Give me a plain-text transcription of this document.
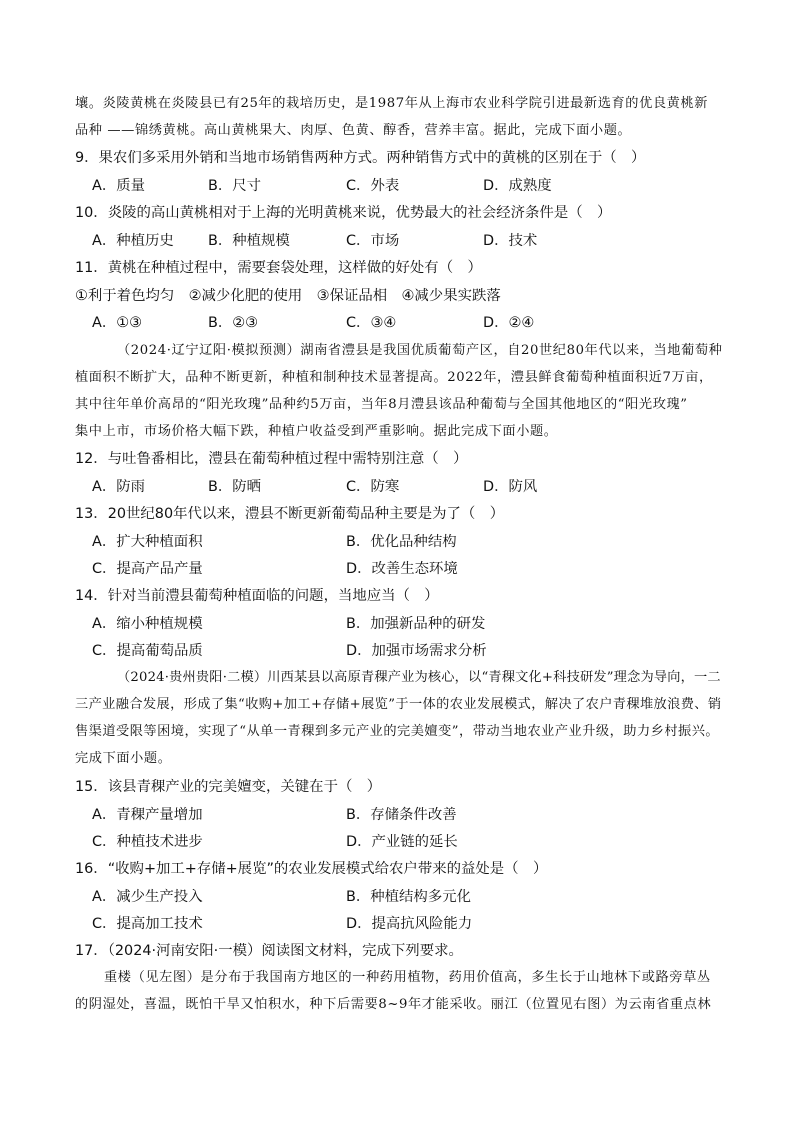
壤。炎陵黄桃在炎陵县已有25年的栽培历史，是1987年从上海市农业科学院引进最新选育的优良黄桃新
品种 ——锦绣黄桃。高山黄桃果大、肉厚、色黄、醇香，营养丰富。据此，完成下面小题。
9．果农们多采用外销和当地市场销售两种方式。两种销售方式中的黄桃的区别在于（　）
A．质量	B．尺寸	C．外表	D．成熟度
10．炎陵的高山黄桃相对于上海的光明黄桃来说，优势最大的社会经济条件是（　）
A．种植历史 B．种植规模	C．市场	D．技术
11．黄桃在种植过程中，需要套袋处理，这样做的好处有（　）
①利于着色均匀　②减少化肥的使用　③保证品相　④减少果实跌落
A．①③	B．②③	C．③④	D．②④
（2024·辽宁辽阳·模拟预测）湖南省澧县是我国优质葡萄产区，自20世纪80年代以来，当地葡萄种
植面积不断扩大，品种不断更新，种植和制种技术显著提高。2022年，澧县鲜食葡萄种植面积近7万亩，
其中往年单价高昂的“阳光玫瑰”品种约5万亩，当年8月澧县该品种葡萄与全国其他地区的“阳光玫瑰”
集中上市，市场价格大幅下跌，种植户收益受到严重影响。据此完成下面小题。
12．与吐鲁番相比，澧县在葡萄种植过程中需特别注意（　）
A．防雨	B．防晒	C．防寒	D．防风
13．20世纪80年代以来，澧县不断更新葡萄品种主要是为了（　）
A．扩大种植面积	B．优化品种结构
C．提高产品产量	D．改善生态环境
14．针对当前澧县葡萄种植面临的问题，当地应当（　）
A．缩小种植规模	B．加强新品种的研发
C．提高葡萄品质	D．加强市场需求分析
（2024·贵州贵阳·二模）川西某县以高原青稞产业为核心，以“青稞文化+科技研发”理念为导向，一二
三产业融合发展，形成了集“收购+加工+存储+展览”于一体的农业发展模式，解决了农户青稞堆放浪费、销
售渠道受限等困境，实现了“从单一青稞到多元产业的完美嬗变”，带动当地农业产业升级，助力乡村振兴。
完成下面小题。
15．该县青稞产业的完美嬗变，关键在于（　）
A．青稞产量增加	B．存储条件改善
C．种植技术进步	D．产业链的延长
16．“收购+加工+存储+展览”的农业发展模式给农户带来的益处是（　）
A．减少生产投入	B．种植结构多元化
C．提高加工技术	D．提高抗风险能力
17．（2024·河南安阳·一模）阅读图文材料，完成下列要求。
重楼（见左图）是分布于我国南方地区的一种药用植物，药用价值高，多生长于山地林下或路旁草丛
的阴湿处，喜温，既怕干旱又怕积水，种下后需要8~9年才能采收。丽江（位置见右图）为云南省重点林
